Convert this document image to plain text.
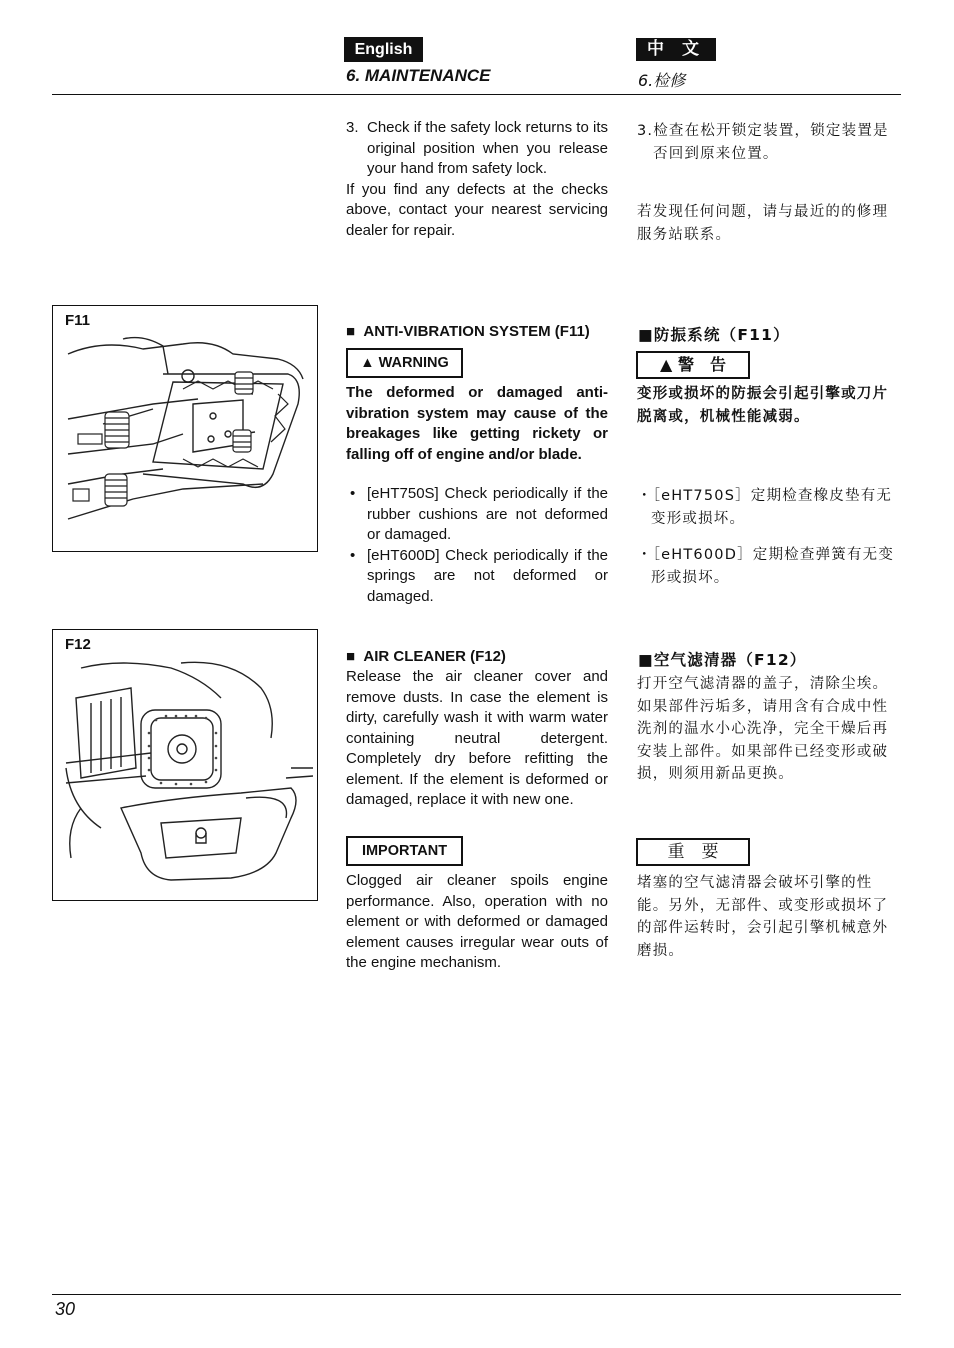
English	中 文
6. MAINTENANCE	6.检修
3. Check if the safety lock returns to its original position when you release your hand from safety lock.
If you find any defects at the checks above, contact your nearest servicing dealer for repair.
3.检查在松开锁定装置，锁定装置是否回到原来位置。
若发现任何问题，请与最近的的修理服务站联系。
F11
■ ANTI-VIBRATION SYSTEM (F11)
▲ WARNING
The deformed or damaged anti-vibration system may cause of the breakages like getting rickety or falling off of engine and/or blade.
• [eHT750S] Check periodically if the rubber cushions are not deformed or damaged.
• [eHT600D] Check periodically if the springs are not deformed or damaged.
■防振系统（F11）
▲ 警　告
变形或损坏的防振会引起引擎或刀片脱离或，机械性能减弱。
・［eHT750S］定期检查橡皮垫有无变形或损坏。
・［eHT600D］定期检查弹簧有无变形或损坏。
F12
■ AIR CLEANER (F12)
Release the air cleaner cover and remove dusts. In case the element is dirty, carefully wash it with warm water containing neutral detergent. Completely dry before refitting the element. If the element is deformed or damaged, replace it with new one.
IMPORTANT
Clogged air cleaner spoils engine performance. Also, operation with no element or with deformed or damaged element causes irregular wear outs of the engine mechanism.
■空气滤清器（F12）
打开空气滤清器的盖子，清除尘埃。如果部件污垢多，请用含有合成中性洗剂的温水小心洗净，完全干燥后再安装上部件。如果部件已经变形或破损，则须用新品更换。
重　要
堵塞的空气滤清器会破坏引擎的性能。另外，无部件、或变形或损坏了的部件运转时，会引起引擎机械意外磨损。
30
